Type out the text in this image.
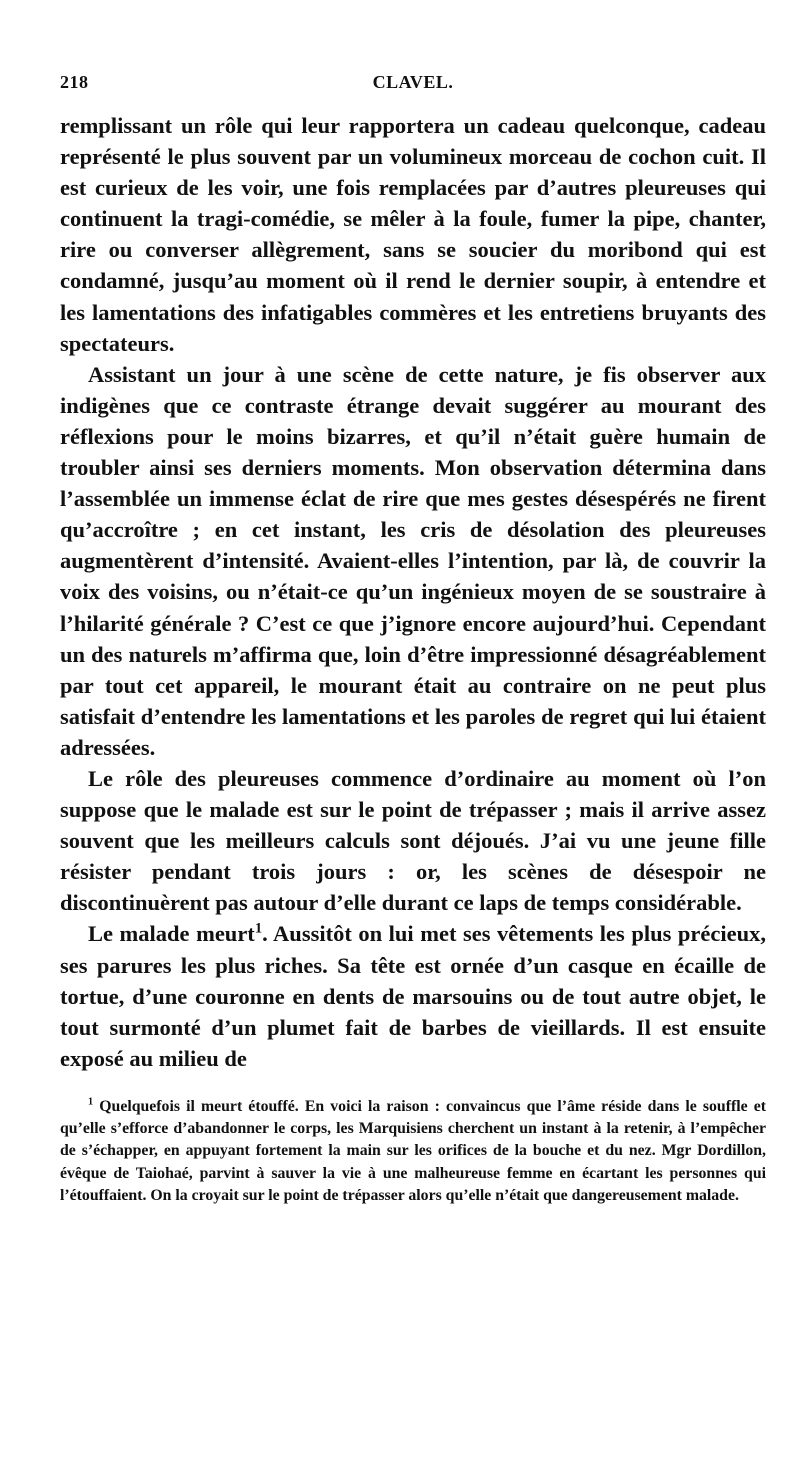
218	CLAVEL.

remplissant un rôle qui leur rapportera un cadeau quelconque, cadeau représenté le plus souvent par un volumineux morceau de cochon cuit. Il est curieux de les voir, une fois remplacées par d’autres pleureuses qui continuent la tragi-comédie, se mêler à la foule, fumer la pipe, chanter, rire ou converser allègrement, sans se soucier du moribond qui est condamné, jusqu’au moment où il rend le dernier soupir, à entendre et les lamentations des infatigables commères et les entretiens bruyants des spectateurs.

Assistant un jour à une scène de cette nature, je fis observer aux indigènes que ce contraste étrange devait suggérer au mourant des réflexions pour le moins bizarres, et qu’il n’était guère humain de troubler ainsi ses derniers moments. Mon observation détermina dans l’assemblée un immense éclat de rire que mes gestes désespérés ne firent qu’accroître ; en cet instant, les cris de désolation des pleureuses augmentèrent d’intensité. Avaient-elles l’intention, par là, de couvrir la voix des voisins, ou n’était-ce qu’un ingénieux moyen de se soustraire à l’hilarité générale ? C’est ce que j’ignore encore aujourd’hui. Cependant un des naturels m’affirma que, loin d’être impressionné désagréablement par tout cet appareil, le mourant était au contraire on ne peut plus satisfait d’entendre les lamentations et les paroles de regret qui lui étaient adressées.

Le rôle des pleureuses commence d’ordinaire au moment où l’on suppose que le malade est sur le point de trépasser ; mais il arrive assez souvent que les meilleurs calculs sont déjoués. J’ai vu une jeune fille résister pendant trois jours : or, les scènes de désespoir ne discontinuèrent pas autour d’elle durant ce laps de temps considérable.

Le malade meurt$^1$. Aussitôt on lui met ses vêtements les plus précieux, ses parures les plus riches. Sa tête est ornée d’un casque en écaille de tortue, d’une couronne en dents de marsouins ou de tout autre objet, le tout surmonté d’un plumet fait de barbes de vieillards. Il est ensuite exposé au milieu de

$^1$ Quelquefois il meurt étouffé. En voici la raison : convaincus que l’âme réside dans le souffle et qu’elle s’efforce d’abandonner le corps, les Marquisiens cherchent un instant à la retenir, à l’empêcher de s’échapper, en appuyant fortement la main sur les orifices de la bouche et du nez. Mgr Dordillon, évêque de Taiohaé, parvint à sauver la vie à une malheureuse femme en écartant les personnes qui l’étouffaient. On la croyait sur le point de trépasser alors qu’elle n’était que dangereusement malade.
